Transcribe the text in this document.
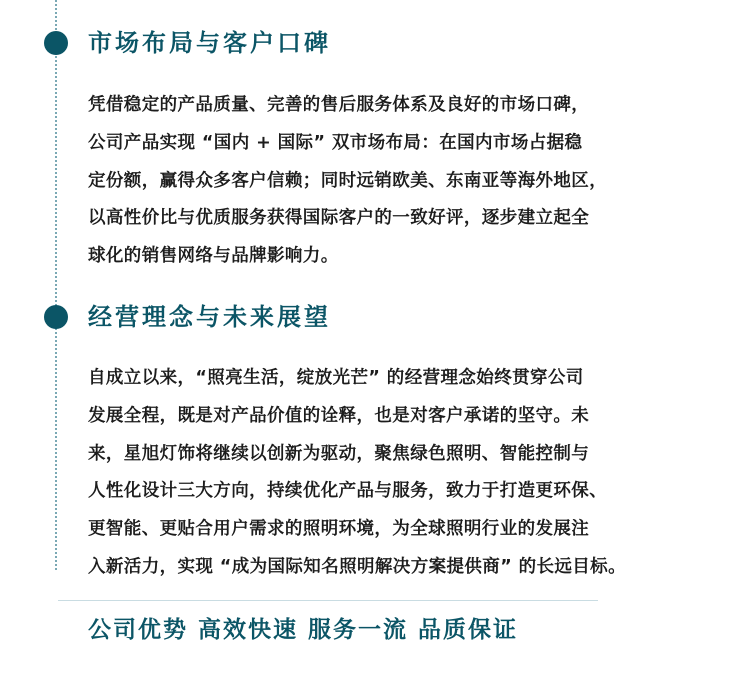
市场布局与客户口碑

凭借稳定的产品质量、完善的售后服务体系及良好的市场口碑，
公司产品实现 “国内 + 国际” 双市场布局：在国内市场占据稳
定份额，赢得众多客户信赖；同时远销欧美、东南亚等海外地区，
以高性价比与优质服务获得国际客户的一致好评，逐步建立起全
球化的销售网络与品牌影响力。

经营理念与未来展望

自成立以来，“照亮生活，绽放光芒” 的经营理念始终贯穿公司
发展全程，既是对产品价值的诠释，也是对客户承诺的坚守。未
来，星旭灯饰将继续以创新为驱动，聚焦绿色照明、智能控制与
人性化设计三大方向，持续优化产品与服务，致力于打造更环保、
更智能、更贴合用户需求的照明环境，为全球照明行业的发展注
入新活力，实现 “成为国际知名照明解决方案提供商” 的长远目标。

公司优势 高效快速 服务一流 品质保证
